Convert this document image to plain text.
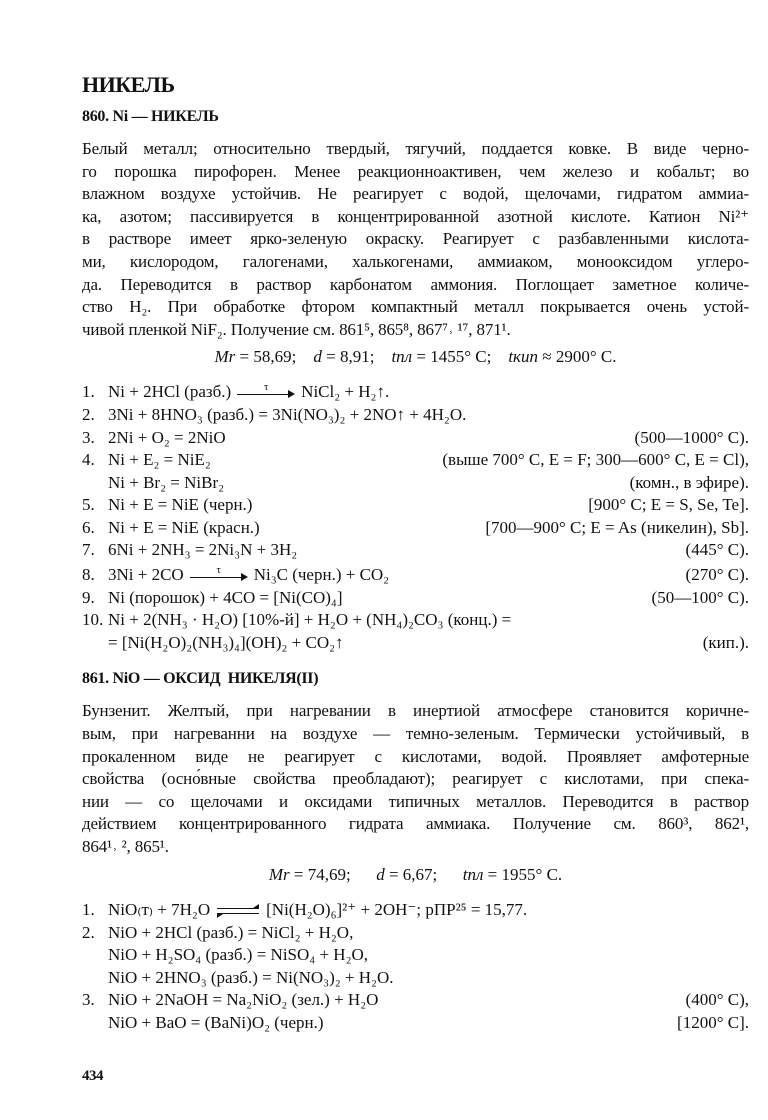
НИКЕЛЬ
860. Ni — НИКЕЛЬ

Белый металл; относительно твердый, тягучий, поддается ковке. В виде черно-
го порошка пирофорен. Менее реакционноактивен, чем железо и кобальт; во
влажном воздухе устойчив. Не реагирует с водой, щелочами, гидратом аммиа-
ка, азотом; пассивируется в концентрированной азотной кислоте. Катион Ni²⁺
в растворе имеет ярко-зеленую окраску. Реагирует с разбавленными кислота-
ми, кислородом, галогенами, халькогенами, аммиаком, монооксидом углеро-
да. Переводится в раствор карбонатом аммония. Поглощает заметное количе-
ство H₂. При обработке фтором компактный металл покрывается очень устой-
чивой пленкой NiF₂. Получение см. 861⁵, 865⁸, 867⁷˒ ¹⁷, 871¹.

Mr = 58,69;    d = 8,91;    tпл = 1455° C;    tкип ≈ 2900° C.
1. Ni + 2HCl (разб.)	τ	NiCl₂ + H₂↑.
2. 3Ni + 8HNO₃ (разб.) = 3Ni(NO₃)₂ + 2NO↑ + 4H₂O.
3. 2Ni + O₂ = 2NiO	(500—1000° C).
4. Ni + E₂ = NiE₂	(выше 700° C, E = F; 300—600° C, E = Cl),
Ni + Br₂ = NiBr₂	(комн., в эфире).
5. Ni + E = NiE (черн.)	[900° C; E = S, Se, Te].
6. Ni + E = NiE (красн.)	[700—900° C; E = As (никелин), Sb].
7. 6Ni + 2NH₃ = 2Ni₃N + 3H₂	(445° C).
8. 3Ni + 2CO	τ	Ni₃C (черн.) + CO₂	(270° C).
9. Ni (порошок) + 4CO = [Ni(CO)₄]	(50—100° C).
10. Ni + 2(NH₃ · H₂O) [10%-й] + H₂O + (NH₄)₂CO₃ (конц.) =
= [Ni(H₂O)₂(NH₃)₄](OH)₂ + CO₂↑	(кип.).
861. NiO — ОКСИД  НИКЕЛЯ(II)

Бунзенит. Желтый, при нагревании в инертиой атмосфере становится коричне-
вым, при нагреванни на воздухе — темно-зеленым. Термически устойчивый, в
прокаленном виде не реагирует с кислотами, водой. Проявляет амфотерные
свойства (осно́вные свойства преобладают); реагирует с кислотами, при спека-
нии — со щелочами и оксидами типичных металлов. Переводится в раствор
действием концентрированного гидрата аммиака. Получение см. 860³, 862¹,
864¹˒ ², 865¹.

Mr = 74,69;      d = 6,67;      tпл = 1955° C.
1. NiO₍т₎ + 7H₂O	[Ni(H₂O)₆]²⁺ + 2OH⁻; pПР²⁵ = 15,77.
2. NiO + 2HCl (разб.) = NiCl₂ + H₂O,
NiO + H₂SO₄ (разб.) = NiSO₄ + H₂O,
NiO + 2HNO₃ (разб.) = Ni(NO₃)₂ + H₂O.
3. NiO + 2NaOH = Na₂NiO₂ (зел.) + H₂O	(400° C),
NiO + BaO = (BaNi)O₂ (черн.)	[1200° C].
434
